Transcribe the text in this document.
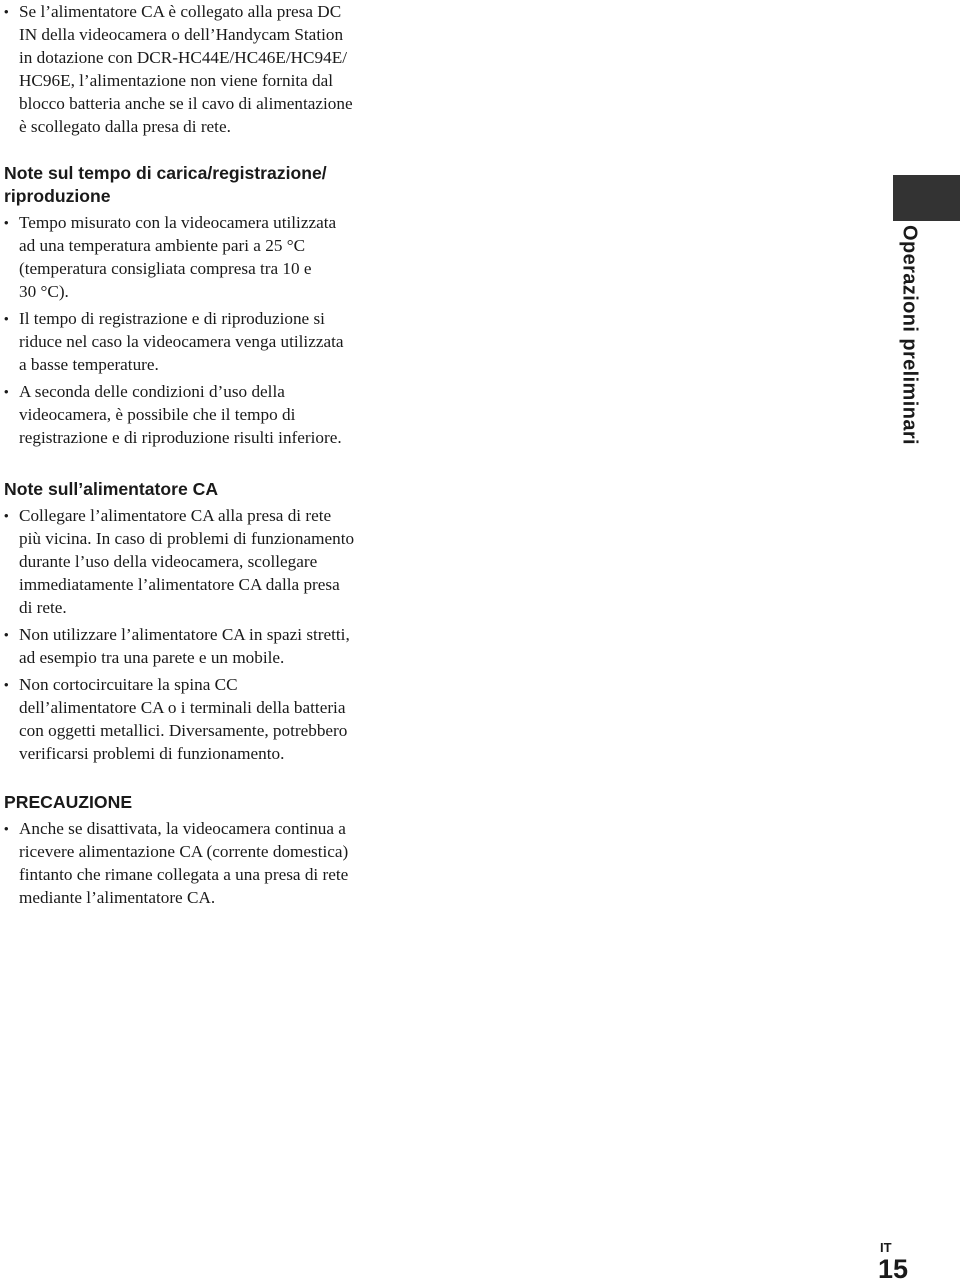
• Se l’alimentatore CA è collegato alla presa DC
IN della videocamera o dell’Handycam Station
in dotazione con DCR-HC44E/HC46E/HC94E/
HC96E, l’alimentazione non viene fornita dal
blocco batteria anche se il cavo di alimentazione
è scollegato dalla presa di rete.
Note sul tempo di carica/registrazione/
riproduzione
• Tempo misurato con la videocamera utilizzata
ad una temperatura ambiente pari a 25 °C
(temperatura consigliata compresa tra 10 e
30 °C).
• Il tempo di registrazione e di riproduzione si
riduce nel caso la videocamera venga utilizzata
a basse temperature.
• A seconda delle condizioni d’uso della
videocamera, è possibile che il tempo di
registrazione e di riproduzione risulti inferiore.
Note sull’alimentatore CA
• Collegare l’alimentatore CA alla presa di rete
più vicina. In caso di problemi di funzionamento
durante l’uso della videocamera, scollegare
immediatamente l’alimentatore CA dalla presa
di rete.
• Non utilizzare l’alimentatore CA in spazi stretti,
ad esempio tra una parete e un mobile.
• Non cortocircuitare la spina CC
dell’alimentatore CA o i terminali della batteria
con oggetti metallici. Diversamente, potrebbero
verificarsi problemi di funzionamento.
PRECAUZIONE
• Anche se disattivata, la videocamera continua a
ricevere alimentazione CA (corrente domestica)
fintanto che rimane collegata a una presa di rete
mediante l’alimentatore CA.
Operazioni preliminari
IT
15
